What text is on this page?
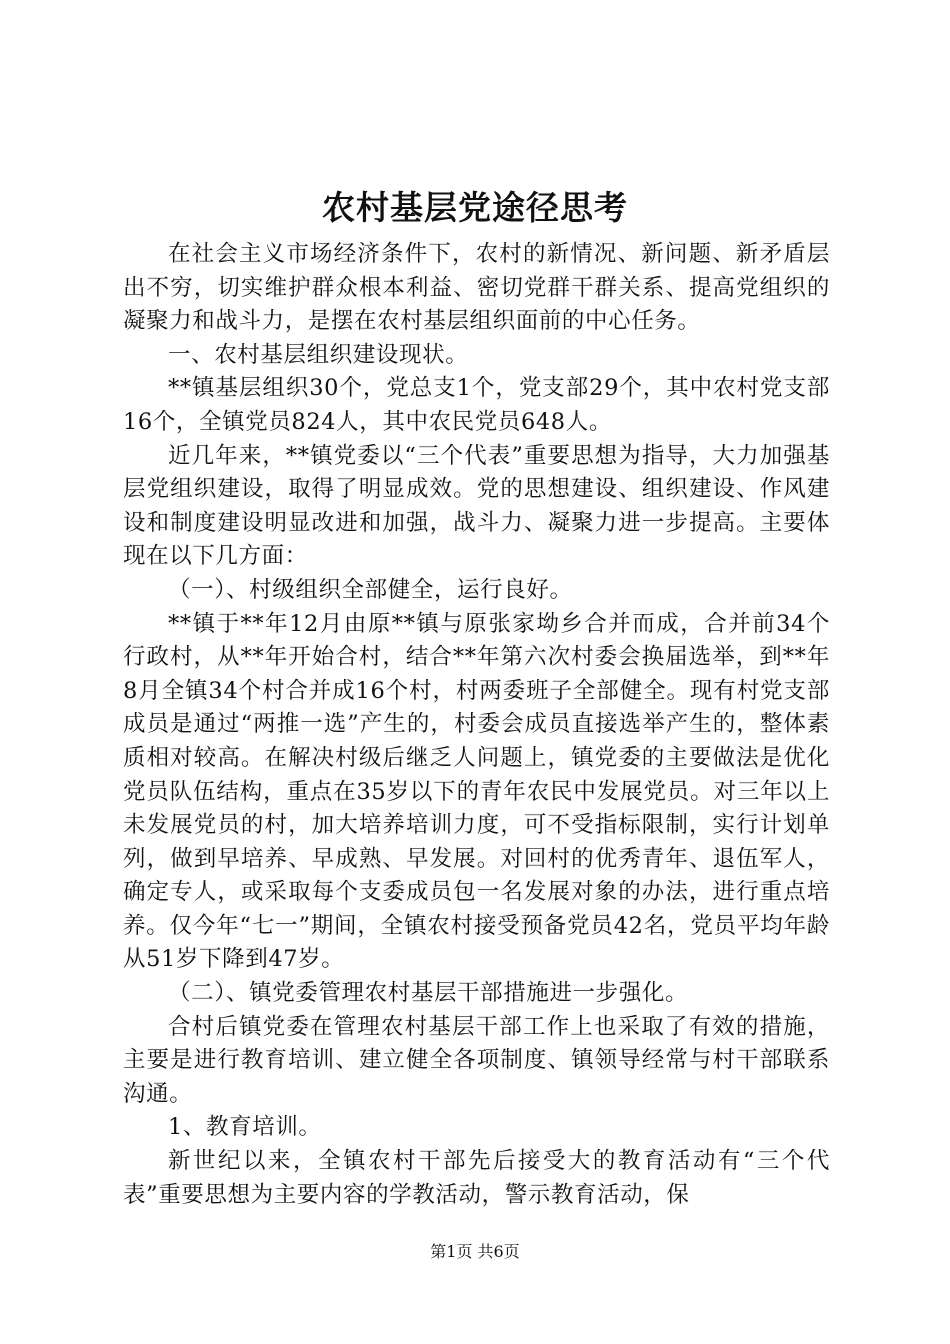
农村基层党途径思考

在社会主义市场经济条件下，农村的新情况、新问题、新矛盾层出不穷，切实维护群众根本利益、密切党群干群关系、提高党组织的凝聚力和战斗力，是摆在农村基层组织面前的中心任务。

一、农村基层组织建设现状。

**镇基层组织30个，党总支1个，党支部29个，其中农村党支部16个，全镇党员824人，其中农民党员648人。

近几年来，**镇党委以“三个代表”重要思想为指导，大力加强基层党组织建设，取得了明显成效。党的思想建设、组织建设、作风建设和制度建设明显改进和加强，战斗力、凝聚力进一步提高。主要体现在以下几方面：

（一）、村级组织全部健全，运行良好。

**镇于**年12月由原**镇与原张家坳乡合并而成，合并前34个行政村，从**年开始合村，结合**年第六次村委会换届选举，到**年8月全镇34个村合并成16个村，村两委班子全部健全。现有村党支部成员是通过“两推一选”产生的，村委会成员直接选举产生的，整体素质相对较高。在解决村级后继乏人问题上，镇党委的主要做法是优化党员队伍结构，重点在35岁以下的青年农民中发展党员。对三年以上未发展党员的村，加大培养培训力度，可不受指标限制，实行计划单列，做到早培养、早成熟、早发展。对回村的优秀青年、退伍军人，确定专人，或采取每个支委成员包一名发展对象的办法，进行重点培养。仅今年“七一”期间，全镇农村接受预备党员42名，党员平均年龄从51岁下降到47岁。

（二）、镇党委管理农村基层干部措施进一步强化。

合村后镇党委在管理农村基层干部工作上也采取了有效的措施，主要是进行教育培训、建立健全各项制度、镇领导经常与村干部联系沟通。

1、教育培训。

新世纪以来，全镇农村干部先后接受大的教育活动有“三个代表”重要思想为主要内容的学教活动，警示教育活动，保

第1页 共6页
